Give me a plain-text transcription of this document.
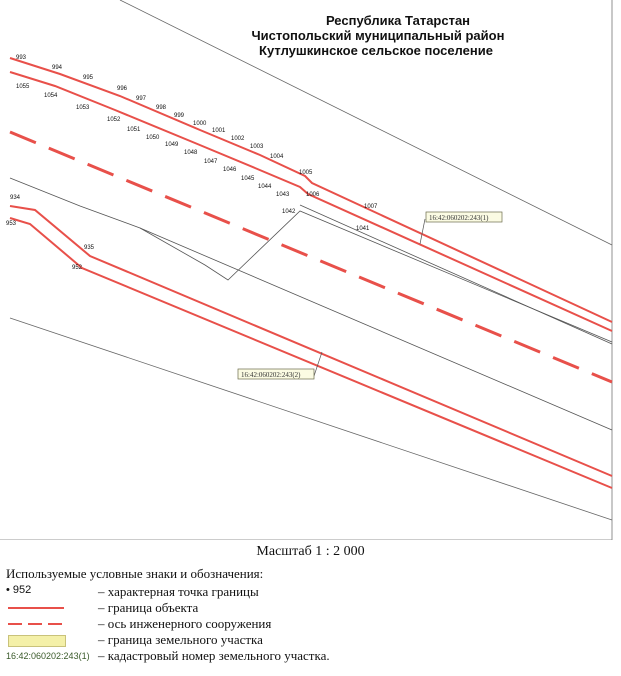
993
994
995
996
997
998
999
1000
1001
1002
1003
1004
1005
1055
1054
1053
1052
1051
1050
1049
1048
1047
1046
1045
1044
1043	1006
1042
1007
1041
934
953
935
952
Республика Татарстан
Чистопольский муниципальный район
Кутлушкинское сельское поселение
16:42:060202:243(1)
16:42:060202:243(2)
Масштаб 1 : 2 000
Используемые условные знаки и обозначения:
• 952	– характерная точка границы
– граница объекта
– ось инженерного сооружения
– граница земельного участка
16:42:060202:243(1) – кадастровый номер земельного участка.
